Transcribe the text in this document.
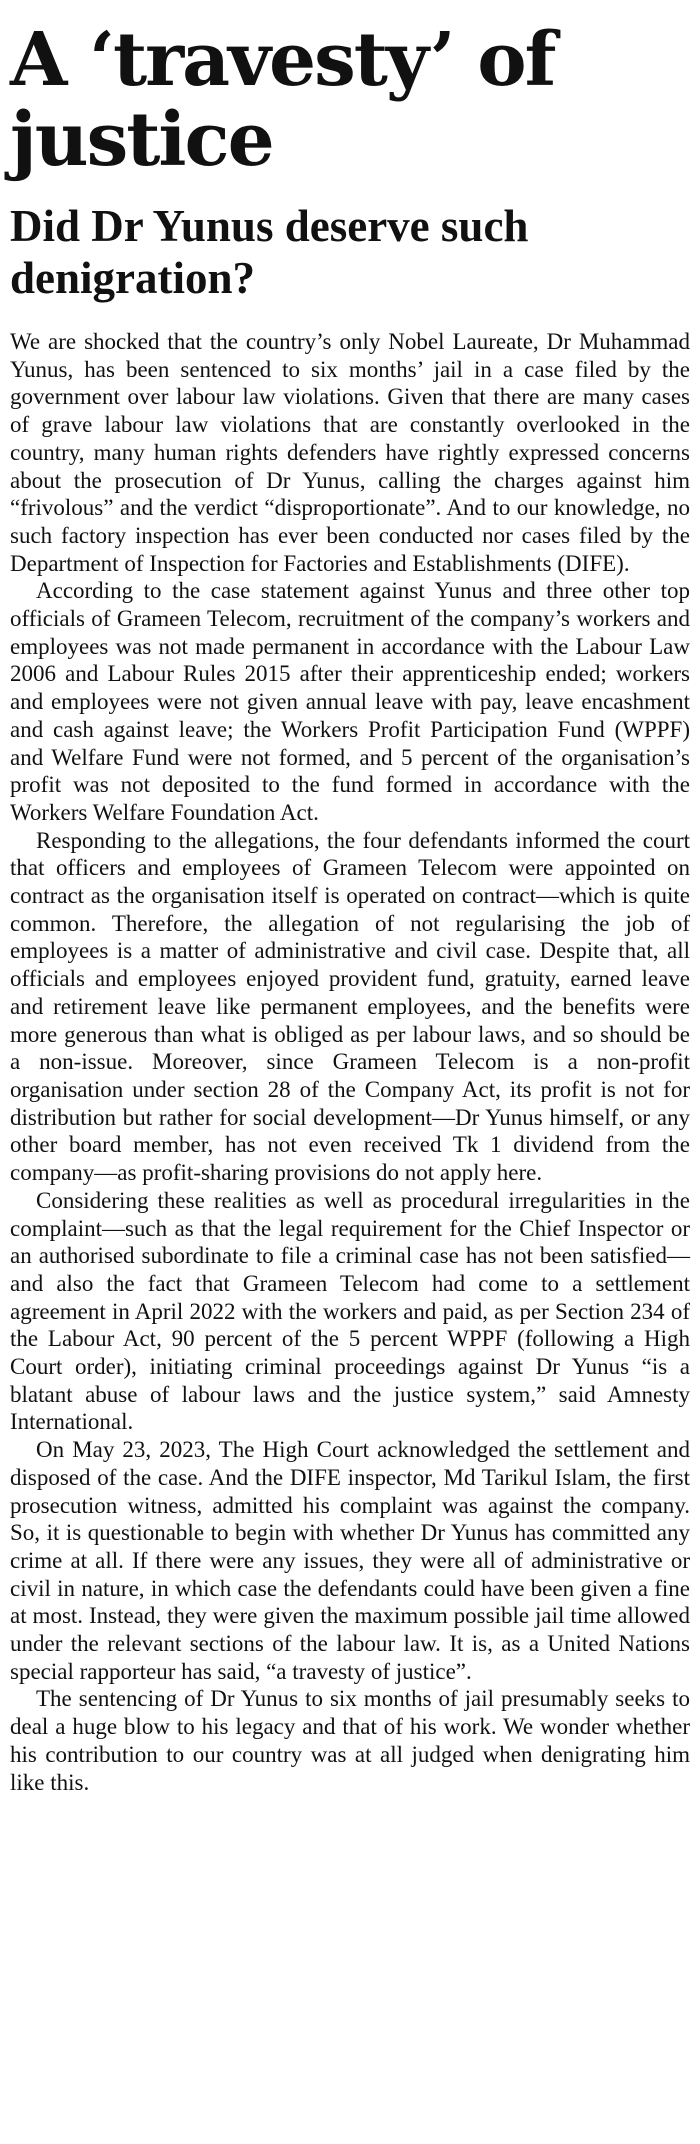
A ‘travesty’ of
justice
Did Dr Yunus deserve such denigration?

We are shocked that the country’s only Nobel Laureate, Dr Muhammad Yunus, has been sentenced to six months’ jail in a case filed by the government over labour law violations. Given that there are many cases of grave labour law violations that are constantly overlooked in the country, many human rights defenders have rightly expressed concerns about the prosecution of Dr Yunus, calling the charges against him “frivolous” and the verdict “disproportionate”. And to our knowledge, no such factory inspection has ever been conducted nor cases filed by the Department of Inspection for Factories and Establishments (DIFE).

According to the case statement against Yunus and three other top officials of Grameen Telecom, recruitment of the company’s workers and employees was not made permanent in accordance with the Labour Law 2006 and Labour Rules 2015 after their apprenticeship ended; workers and employees were not given annual leave with pay, leave encashment and cash against leave; the Workers Profit Participation Fund (WPPF) and Welfare Fund were not formed, and 5 percent of the organisation’s profit was not deposited to the fund formed in accordance with the Workers Welfare Foundation Act.

Responding to the allegations, the four defendants informed the court that officers and employees of Grameen Telecom were appointed on contract as the organisation itself is operated on contract—which is quite common. Therefore, the allegation of not regularising the job of employees is a matter of administrative and civil case. Despite that, all officials and employees enjoyed provident fund, gratuity, earned leave and retirement leave like permanent employees, and the benefits were more generous than what is obliged as per labour laws, and so should be a non-issue. Moreover, since Grameen Telecom is a non-profit organisation under section 28 of the Company Act, its profit is not for distribution but rather for social development—Dr Yunus himself, or any other board member, has not even received Tk 1 dividend from the company—as profit-sharing provisions do not apply here.

Considering these realities as well as procedural irregularities in the complaint—such as that the legal requirement for the Chief Inspector or an authorised subordinate to file a criminal case has not been satisfied—and also the fact that Grameen Telecom had come to a settlement agreement in April 2022 with the workers and paid, as per Section 234 of the Labour Act, 90 percent of the 5 percent WPPF (following a High Court order), initiating criminal proceedings against Dr Yunus “is a blatant abuse of labour laws and the justice system,” said Amnesty International.

On May 23, 2023, The High Court acknowledged the settlement and disposed of the case. And the DIFE inspector, Md Tarikul Islam, the first prosecution witness, admitted his complaint was against the company. So, it is questionable to begin with whether Dr Yunus has committed any crime at all. If there were any issues, they were all of administrative or civil in nature, in which case the defendants could have been given a fine at most. Instead, they were given the maximum possible jail time allowed under the relevant sections of the labour law. It is, as a United Nations special rapporteur has said, “a travesty of justice”.

The sentencing of Dr Yunus to six months of jail presumably seeks to deal a huge blow to his legacy and that of his work. We wonder whether his contribution to our country was at all judged when denigrating him like this.
